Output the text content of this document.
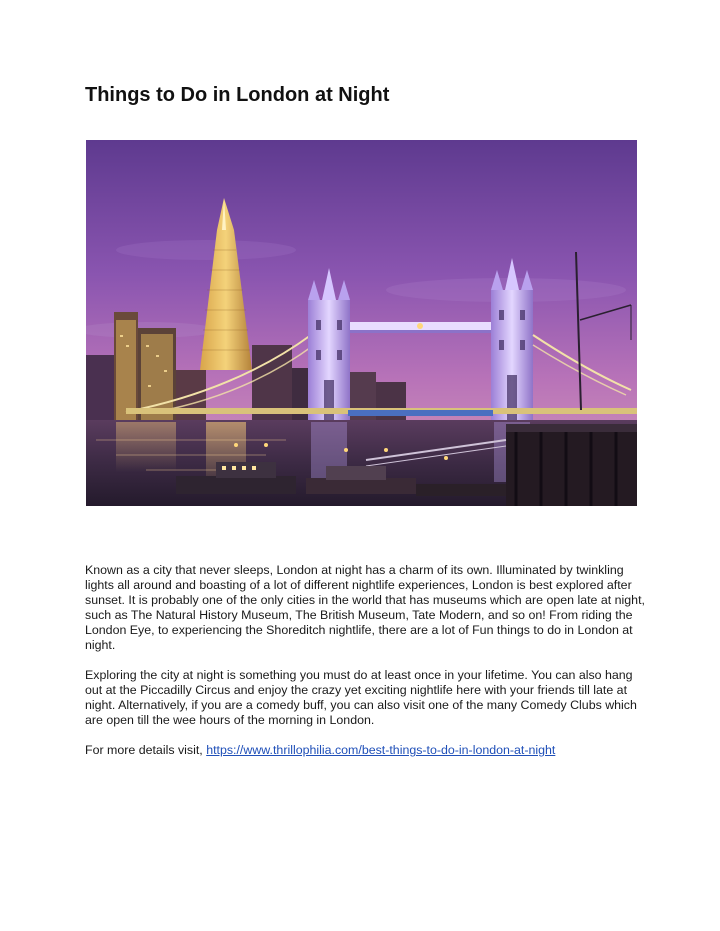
Things to Do in London at Night

Known as a city that never sleeps, London at night has a charm of its own. Illuminated by twinkling lights all around and boasting of a lot of different nightlife experiences, London is best explored after sunset. It is probably one of the only cities in the world that has museums which are open late at night, such as The Natural History Museum, The British Museum, Tate Modern, and so on! From riding the London Eye, to experiencing the Shoreditch nightlife, there are a lot of Fun things to do in London at night.

Exploring the city at night is something you must do at least once in your lifetime. You can also hang out at the Piccadilly Circus and enjoy the crazy yet exciting nightlife here with your friends till late at night. Alternatively, if you are a comedy buff, you can also visit one of the many Comedy Clubs which are open till the wee hours of the morning in London.

For more details visit, https://www.thrillophilia.com/best-things-to-do-in-london-at-night
